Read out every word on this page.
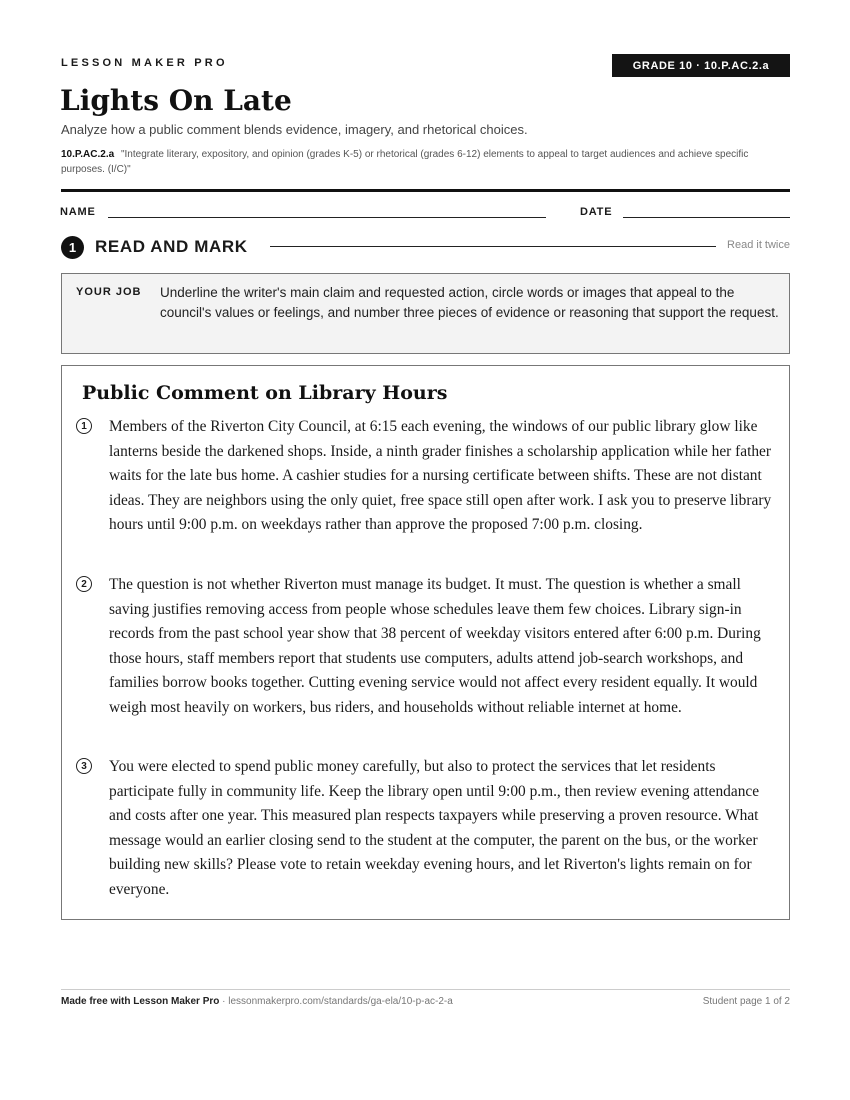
LESSON MAKER PRO	GRADE 10 · 10.P.AC.2.a
Lights On Late
Analyze how a public comment blends evidence, imagery, and rhetorical choices.
10.P.AC.2.a "Integrate literary, expository, and opinion (grades K-5) or rhetorical (grades 6-12) elements to appeal to target audiences and achieve specific purposes. (I/C)"
NAME	DATE
1	READ AND MARK	Read it twice
YOUR JOB Underline the writer's main claim and requested action, circle words or images that appeal to the council's values or feelings, and number three pieces of evidence or reasoning that support the request.
Public Comment on Library Hours
1	Members of the Riverton City Council, at 6:15 each evening, the windows of our public library glow like lanterns beside the darkened shops. Inside, a ninth grader finishes a scholarship application while her father waits for the late bus home. A cashier studies for a nursing certificate between shifts. These are not distant ideas. They are neighbors using the only quiet, free space still open after work. I ask you to preserve library hours until 9:00 p.m. on weekdays rather than approve the proposed 7:00 p.m. closing.

2	The question is not whether Riverton must manage its budget. It must. The question is whether a small saving justifies removing access from people whose schedules leave them few choices. Library sign-in records from the past school year show that 38 percent of weekday visitors entered after 6:00 p.m. During those hours, staff members report that students use computers, adults attend job-search workshops, and families borrow books together. Cutting evening service would not affect every resident equally. It would weigh most heavily on workers, bus riders, and households without reliable internet at home.

3	You were elected to spend public money carefully, but also to protect the services that let residents participate fully in community life. Keep the library open until 9:00 p.m., then review evening attendance and costs after one year. This measured plan respects taxpayers while preserving a proven resource. What message would an earlier closing send to the student at the computer, the parent on the bus, or the worker building new skills? Please vote to retain weekday evening hours, and let Riverton's lights remain on for everyone.

Made free with Lesson Maker Pro · lessonmakerpro.com/standards/ga-ela/10-p-ac-2-a	Student page 1 of 2
